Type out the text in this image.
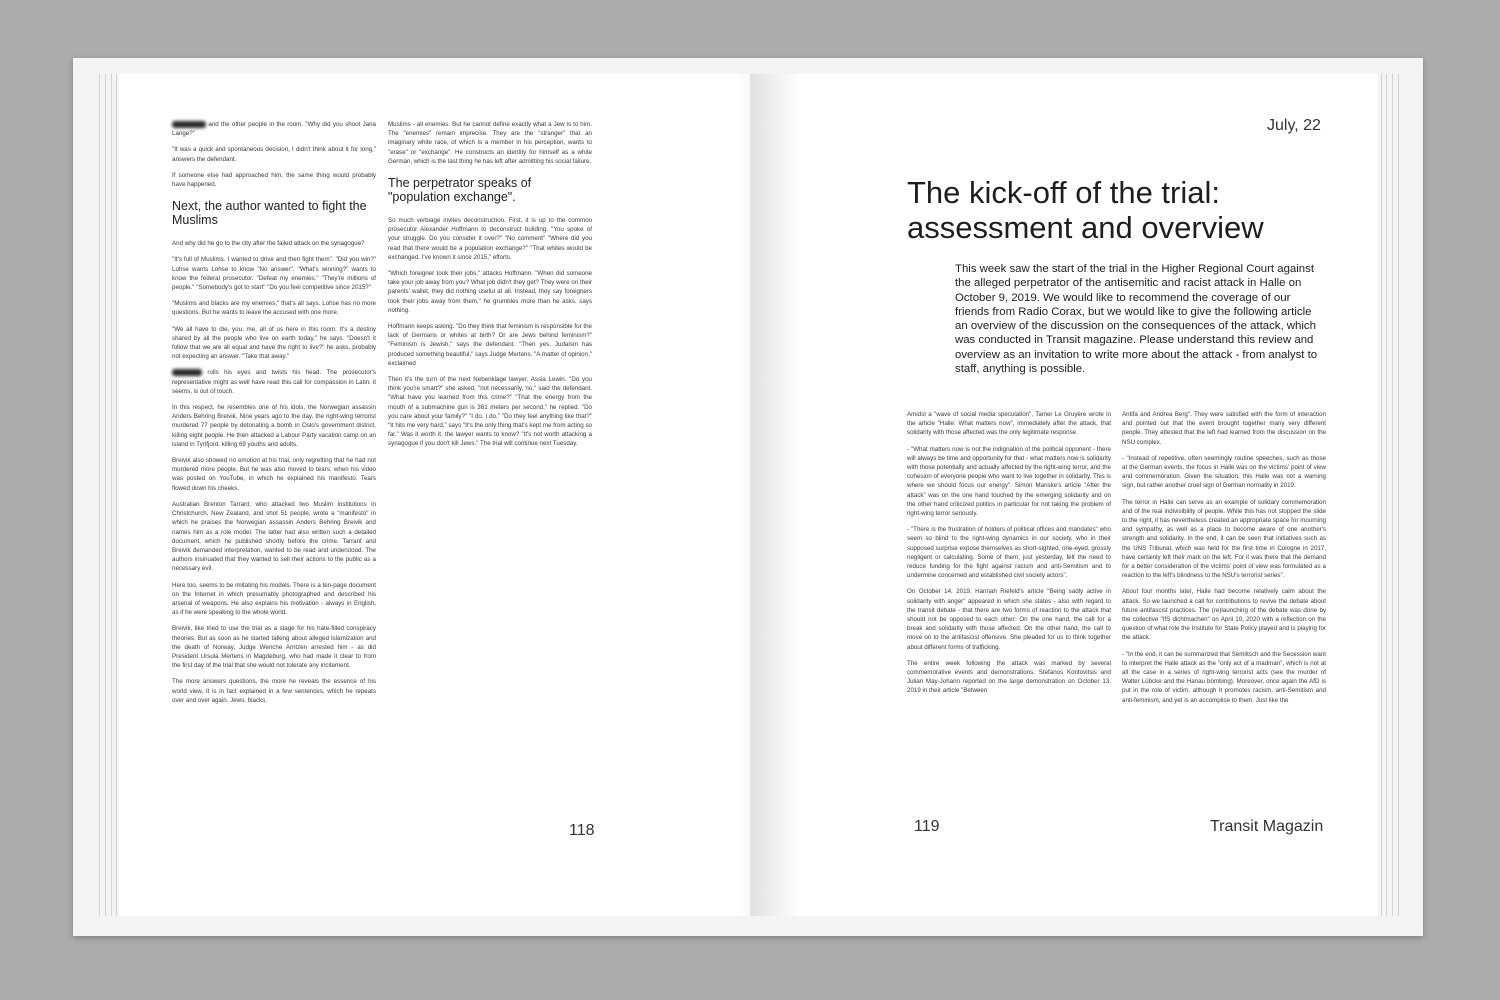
and the other people in the room. "Why did you shoot Jana Lange?"

"It was a quick and spontaneous decision, I didn't think about it for long," answers the defendant.

If someone else had approached him, the same thing would probably have happened.

Next, the author wanted to fight the Muslims

And why did he go to the city after the failed attack on the synagogue?

"It's full of Muslims. I wanted to drive and then fight them". "Did you win?" Lohse wants Lohse to know "No answer". "What's winning?" wants to know the federal prosecutor. "Defeat my enemies." "They're millions of people." "Somebody's got to start" "Do you feel competitive since 2015?"

"Muslims and blacks are my enemies," that's all says. Lohse has no more questions. But he wants to leave the accused with one more.

"We all have to die, you, me, all of us here in this room. It's a destiny shared by all the people who live on earth today," he says. "Doesn't it follow that we are all equal and have the right to live?" he asks, probably not expecting an answer. "Take that away."

rolls his eyes and twists his head. The prosecutor's representative might as well have read this call for compassion in Latin. it seems, is out of touch.

In this respect, he resembles one of his idols, the Norwegian assassin Anders Behring Breivik. Nine years ago to the day, the right-wing terrorist murdered 77 people by detonating a bomb in Oslo's government district, killing eight people. He then attacked a Labour Party vacation camp on an island in Tyrifjord, killing 69 youths and adults.

Breivik also showed no emotion at his trial, only regretting that he had not murdered more people. But he was also moved to tears: when his video was posted on YouTube, in which he explained his manifesto. Tears flowed down his cheeks.

Australian Brenton Tarrant, who attacked two Muslim institutions in Christchurch, New Zealand, and shot 51 people, wrote a "manifesto" in which he praises the Norwegian assassin Anders Behring Breivik and names him as a role model. The latter had also written such a detailed document, which he published shortly before the crime. Tarrant and Breivik demanded interpretation, wanted to be read and understood. The authors insinuated that they wanted to sell their actions to the public as a necessary evil.

Here too, seems to be imitating his models. There is a ten-page document on the Internet in which presumably photographed and described his arsenal of weapons. He also explains his motivation - always in English, as if he were speaking to the whole world.

Breivik, like tried to use the trial as a stage for his hate-filled conspiracy theories. But as soon as he started talking about alleged Islamization and the death of Norway, Judge Wenche Arntzen arrested him - as did President Ursula Mertens in Magdeburg, who had made it clear to from the first day of the trial that she would not tolerate any incitement.

The more answers questions, the more he reveals the essence of his world view. It is in fact explained in a few sentences, which he repeats over and over again. Jews, blacks,

Muslims - all enemies. But he cannot define exactly what a Jew is to him. The "enemies" remain imprecise. They are the "stranger" that an imaginary white race, of which is a member in his perception, wants to "erase" or "exchange". He constructs an identity for himself as a white German, which is the last thing he has left after admitting his social failure.

The perpetrator speaks of "population exchange".

So much verbiage invites deconstruction. First, it is up to the common prosecutor Alexander Hoffmann to deconstruct building. "You spoke of your struggle. Do you consider it over?" "No comment" "Where did you read that there would be a population exchange?" "That whites would be exchanged, I've known it since 2015," efforts.

"Which foreigner took their jobs," attacks Hoffmann. "When did someone take your job away from you? What job didn't they get? They were on their parents' wallet, they did nothing useful at all. Instead, they say foreigners took their jobs away from them," he grumbles more than he asks. says nothing.

Hoffmann keeps asking. "Do they think that feminism is responsible for the lack of Germans or whites at birth? Or are Jews behind feminism?" "Feminism is Jewish," says the defendant. "Then yes, Judaism has produced something beautiful," says Judge Mertens. "A matter of opinion," exclaimed

Then it's the turn of the next Nebenklage lawyer, Assia Lewin. "Do you think you're smart?" she asked, "not necessarily, no," said the defendant. "What have you learned from this crime?" "That the energy from the mouth of a submachine gun is 361 meters per second," he replied. "Do you care about your family?" "I do. I do." "Do they feel anything like that?" "It hits me very hard," says "It's the only thing that's kept me from acting so far." Was it worth it, the lawyer wants to know? "It's not worth attacking a synagogue if you don't kill Jews." The trial will continue next Tuesday.

118
July, 22
The kick-off of the trial: assessment and overview

This week saw the start of the trial in the Higher Regional Court against the alleged perpetrator of the antisemitic and racist attack in Halle on October 9, 2019. We would like to recommend the coverage of our friends from Radio Corax, but we would like to give the following article an overview of the discussion on the consequences of the attack, which was conducted in Transit magazine. Please understand this review and overview as an invitation to write more about the attack - from analyst to staff, anything is possible.

Amidst a "wave of social media speculation", Tamer Le Gruyère wrote in the article "Halle: What matters now", immediately after the attack, that solidarity with those affected was the only legitimate response.

- "What matters now is not the indignation of the political opponent - there will always be time and opportunity for that - what matters now is solidarity with those potentially and actually affected by the right-wing terror, and the cohesion of everyone people who want to live together in solidarity. This is where we should focus our energy". Simon Manske's article "After the attack" was on the one hand touched by the emerging solidarity and on the other hand criticized politics in particular for not taking the problem of right-wing terror seriously.

- "There is the frustration of holders of political offices and mandates" who seem so blind to the right-wing dynamics in our society, who in their supposed surprise expose themselves as short-sighted, one-eyed, grossly negligent or calculating. Some of them, just yesterday, felt the need to reduce funding for the fight against racism and anti-Semitism and to undermine concerned and established civil society actors".

On October 14, 2019, Hannah Riefeld's article "Being sadly active in solidarity with anger" appeared in which she states - also with regard to the transit debate - that there are two forms of reaction to the attack that should not be opposed to each other: On the one hand, the call for a break and solidarity with those affected. On the other hand, the call to move on to the antifascist offensive. She pleaded for us to think together about different forms of trafficking.

The entire week following the attack was marked by several commemorative events and demonstrations. Stefanos Kontovitsis and Julian May-Johann reported on the large demonstration on October 13, 2019 in their article "Between

Antifa and Andrea Berg". They were satisfied with the form of interaction and pointed out that the event brought together many very different people. They attested that the left had learned from the discussion on the NSU complex.

- "Instead of repetitive, often seemingly routine speeches, such as those at the German events, the focus in Halle was on the victims' point of view and commemoration. Given the situation, this Halle was not a warning sign, but rather another cruel sign of German normality in 2019.

The terror in Halle can serve as an example of solidary commemoration and of the real indivisibility of people. While this has not stopped the slide to the right, it has nevertheless created an appropriate space for mourning and sympathy, as well as a place to become aware of one another's strength and solidarity. In the end, it can be seen that initiatives such as the UNS Tribunal, which was held for the first time in Cologne in 2017, have certainly left their mark on the left. For it was there that the demand for a better consideration of the victims' point of view was formulated as a reaction to the left's blindness to the NSU's terrorist series".

About four months later, Halle had become relatively calm about the attack. So we launched a call for contributions to revive the debate about future antifascist practices. The (re)launching of the debate was done by the collective "IfS dichtmachen" on April 10, 2020 with a reflection on the question of what role the Institute for State Policy played and is playing for the attack.

- "In the end, it can be summarized that Semlitsch and the Secession want to interpret the Halle attack as the "only act of a madman", which is not at all the case in a series of right-wing terrorist acts (see the murder of Walter Lübcke and the Hanau bombing). Moreover, once again the AfD is put in the role of victim, although it promotes racism, anti-Semitism and anti-feminism, and yet is an accomplice to them. Just like the

119	Transit Magazin
